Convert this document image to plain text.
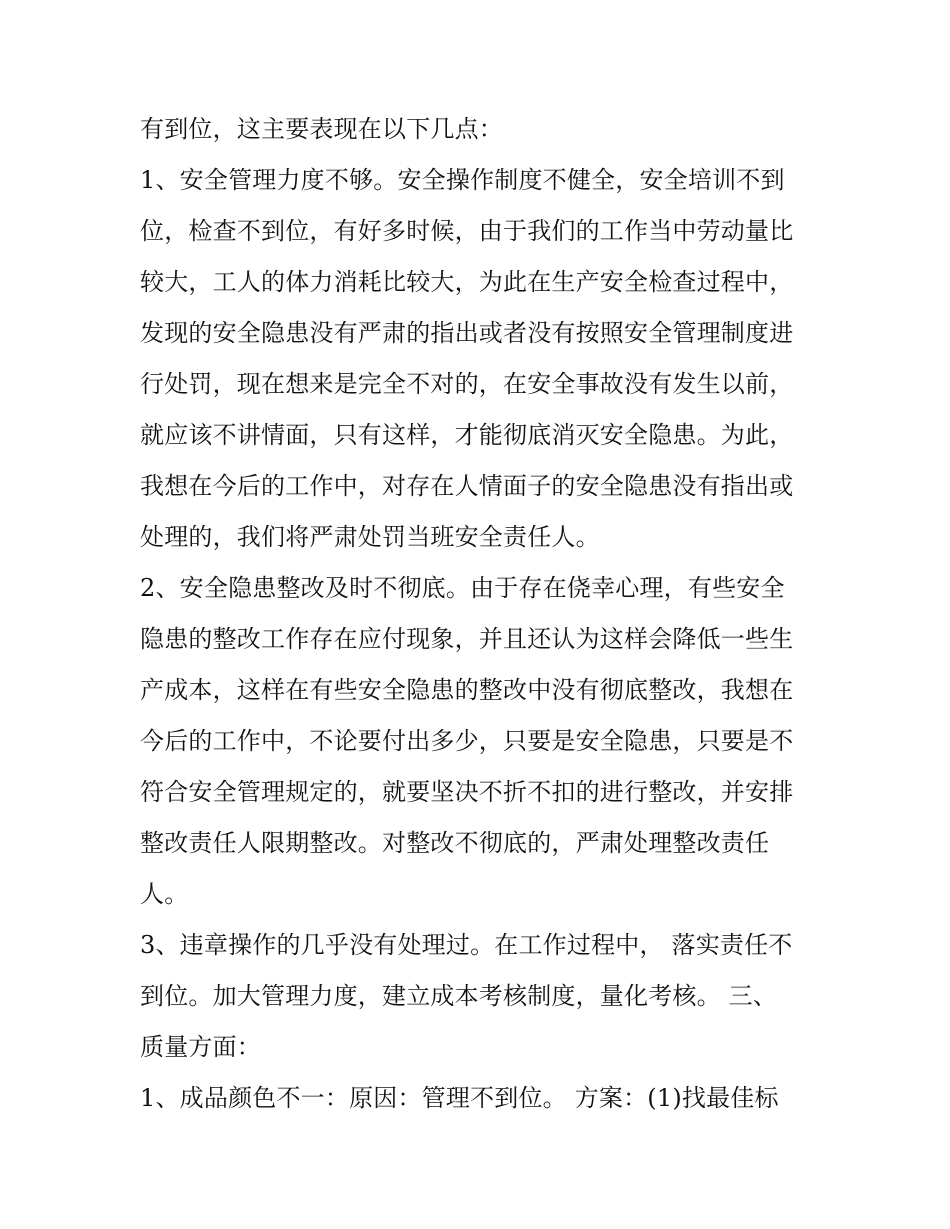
有到位，这主要表现在以下几点：
1、安全管理力度不够。安全操作制度不健全，安全培训不到
位，检查不到位，有好多时候，由于我们的工作当中劳动量比
较大，工人的体力消耗比较大，为此在生产安全检查过程中，
发现的安全隐患没有严肃的指出或者没有按照安全管理制度进
行处罚，现在想来是完全不对的，在安全事故没有发生以前，
就应该不讲情面，只有这样，才能彻底消灭安全隐患。为此，
我想在今后的工作中，对存在人情面子的安全隐患没有指出或
处理的，我们将严肃处罚当班安全责任人。
2、安全隐患整改及时不彻底。由于存在侥幸心理，有些安全
隐患的整改工作存在应付现象，并且还认为这样会降低一些生
产成本，这样在有些安全隐患的整改中没有彻底整改，我想在
今后的工作中，不论要付出多少，只要是安全隐患，只要是不
符合安全管理规定的，就要坚决不折不扣的进行整改，并安排
整改责任人限期整改。对整改不彻底的，严肃处理整改责任
人。
3、违章操作的几乎没有处理过。在工作过程中， 落实责任不
到位。加大管理力度，建立成本考核制度，量化考核。 三、
质量方面：
1、成品颜色不一：原因：管理不到位。 方案：(1)找最佳标
